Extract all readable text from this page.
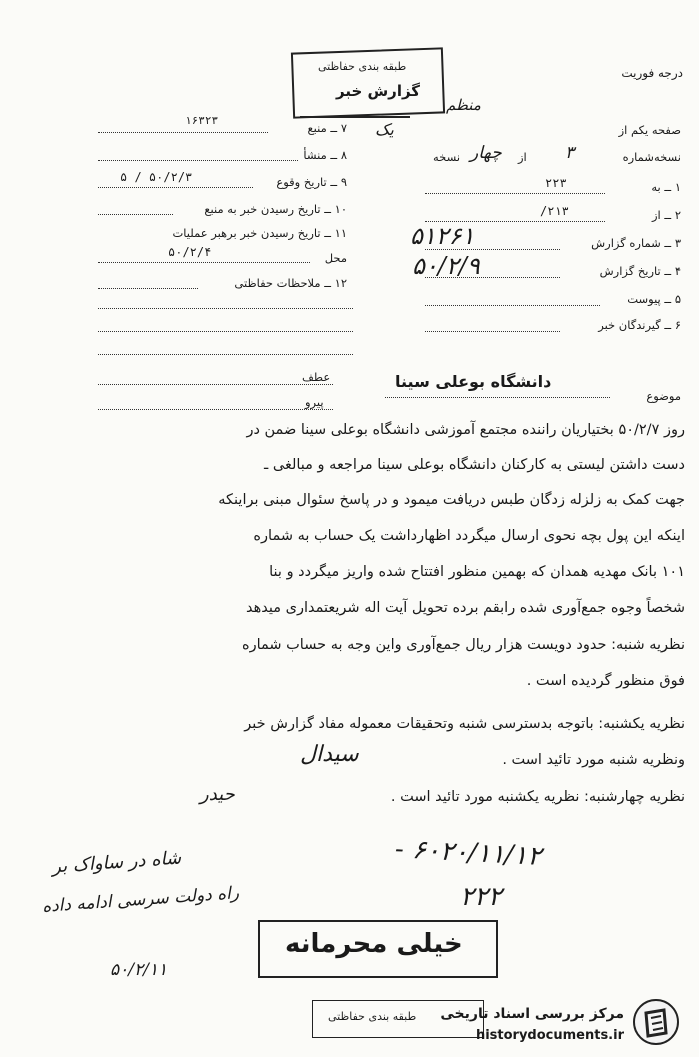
درجه فوریت
طبقه بندی حفاظتی
گزارش خبر
منظم
صفحه یکم از
یک
نسخه‌شماره
۳
از
چهار
نسخه
۱ ــ به
۲۲۳
۲ ــ از
۲۱۳/
۳ ــ شماره گزارش
۵۱۲۶۱
۴ ــ تاریخ گزارش
۵۰/۲/۹
۵ ــ پیوست
۶ ــ گیرندگان خبر
۷ ــ منبع
۱۶۳۲۳
۸ ــ منشأ
۹ ــ تاریخ وقوع
۵۰/۲/۳ / ۵
۱۰ ــ تاریخ رسیدن خبر به منبع
۱۱ ــ تاریخ رسیدن خبر برهبر عملیات
محل
۵۰/۲/۴
۱۲ ــ ملاحظات حفاظتی
عطف
پیرو	موضوع
دانشگاه بوعلی سینا
روز ۵۰/۲/۷ بختیاریان راننده مجتمع آموزشی دانشگاه بوعلی سینا ضمن در
دست داشتن لیستی به کارکنان دانشگاه بوعلی سینا مراجعه و مبالغی ـ
جهت کمک به زلزله زدگان طبس دریافت میمود و در پاسخ سئوال مبنی براینکه
اینکه این پول بچه نحوی ارسال میگردد اظهارداشت یک حساب به شماره
۱۰۱ بانک مهدیه همدان که بهمین منظور افتتاح شده واریز میگردد و بنا
شخصاً وجوه جمع‌آوری شده رابقم برده تحویل آیت اله شریعتمداری میدهد
نظریه شنبه: حدود دویست هزار ریال جمع‌آوری واین وجه به حساب شماره
فوق منظور گردیده است .
نظریه یکشنبه: باتوجه بدسترسی شنبه وتحقیقات معموله مفاد گزارش خبر
ونظریه شنبه مورد تائید است .
سیدال
نظریه چهارشنبه: نظریه یکشنبه مورد تائید است .
حیدر
شاه در ساواک بر
راه دولت سرسی ادامه داده
۵۰/۲/۱۱
۶۰۲۰/۱۱/۱۲ -
۲۲۲
خیلی محرمانه
طبقه بندی حفاظتی مرکز بررسی اسناد تاریخی
historydocuments.ir
